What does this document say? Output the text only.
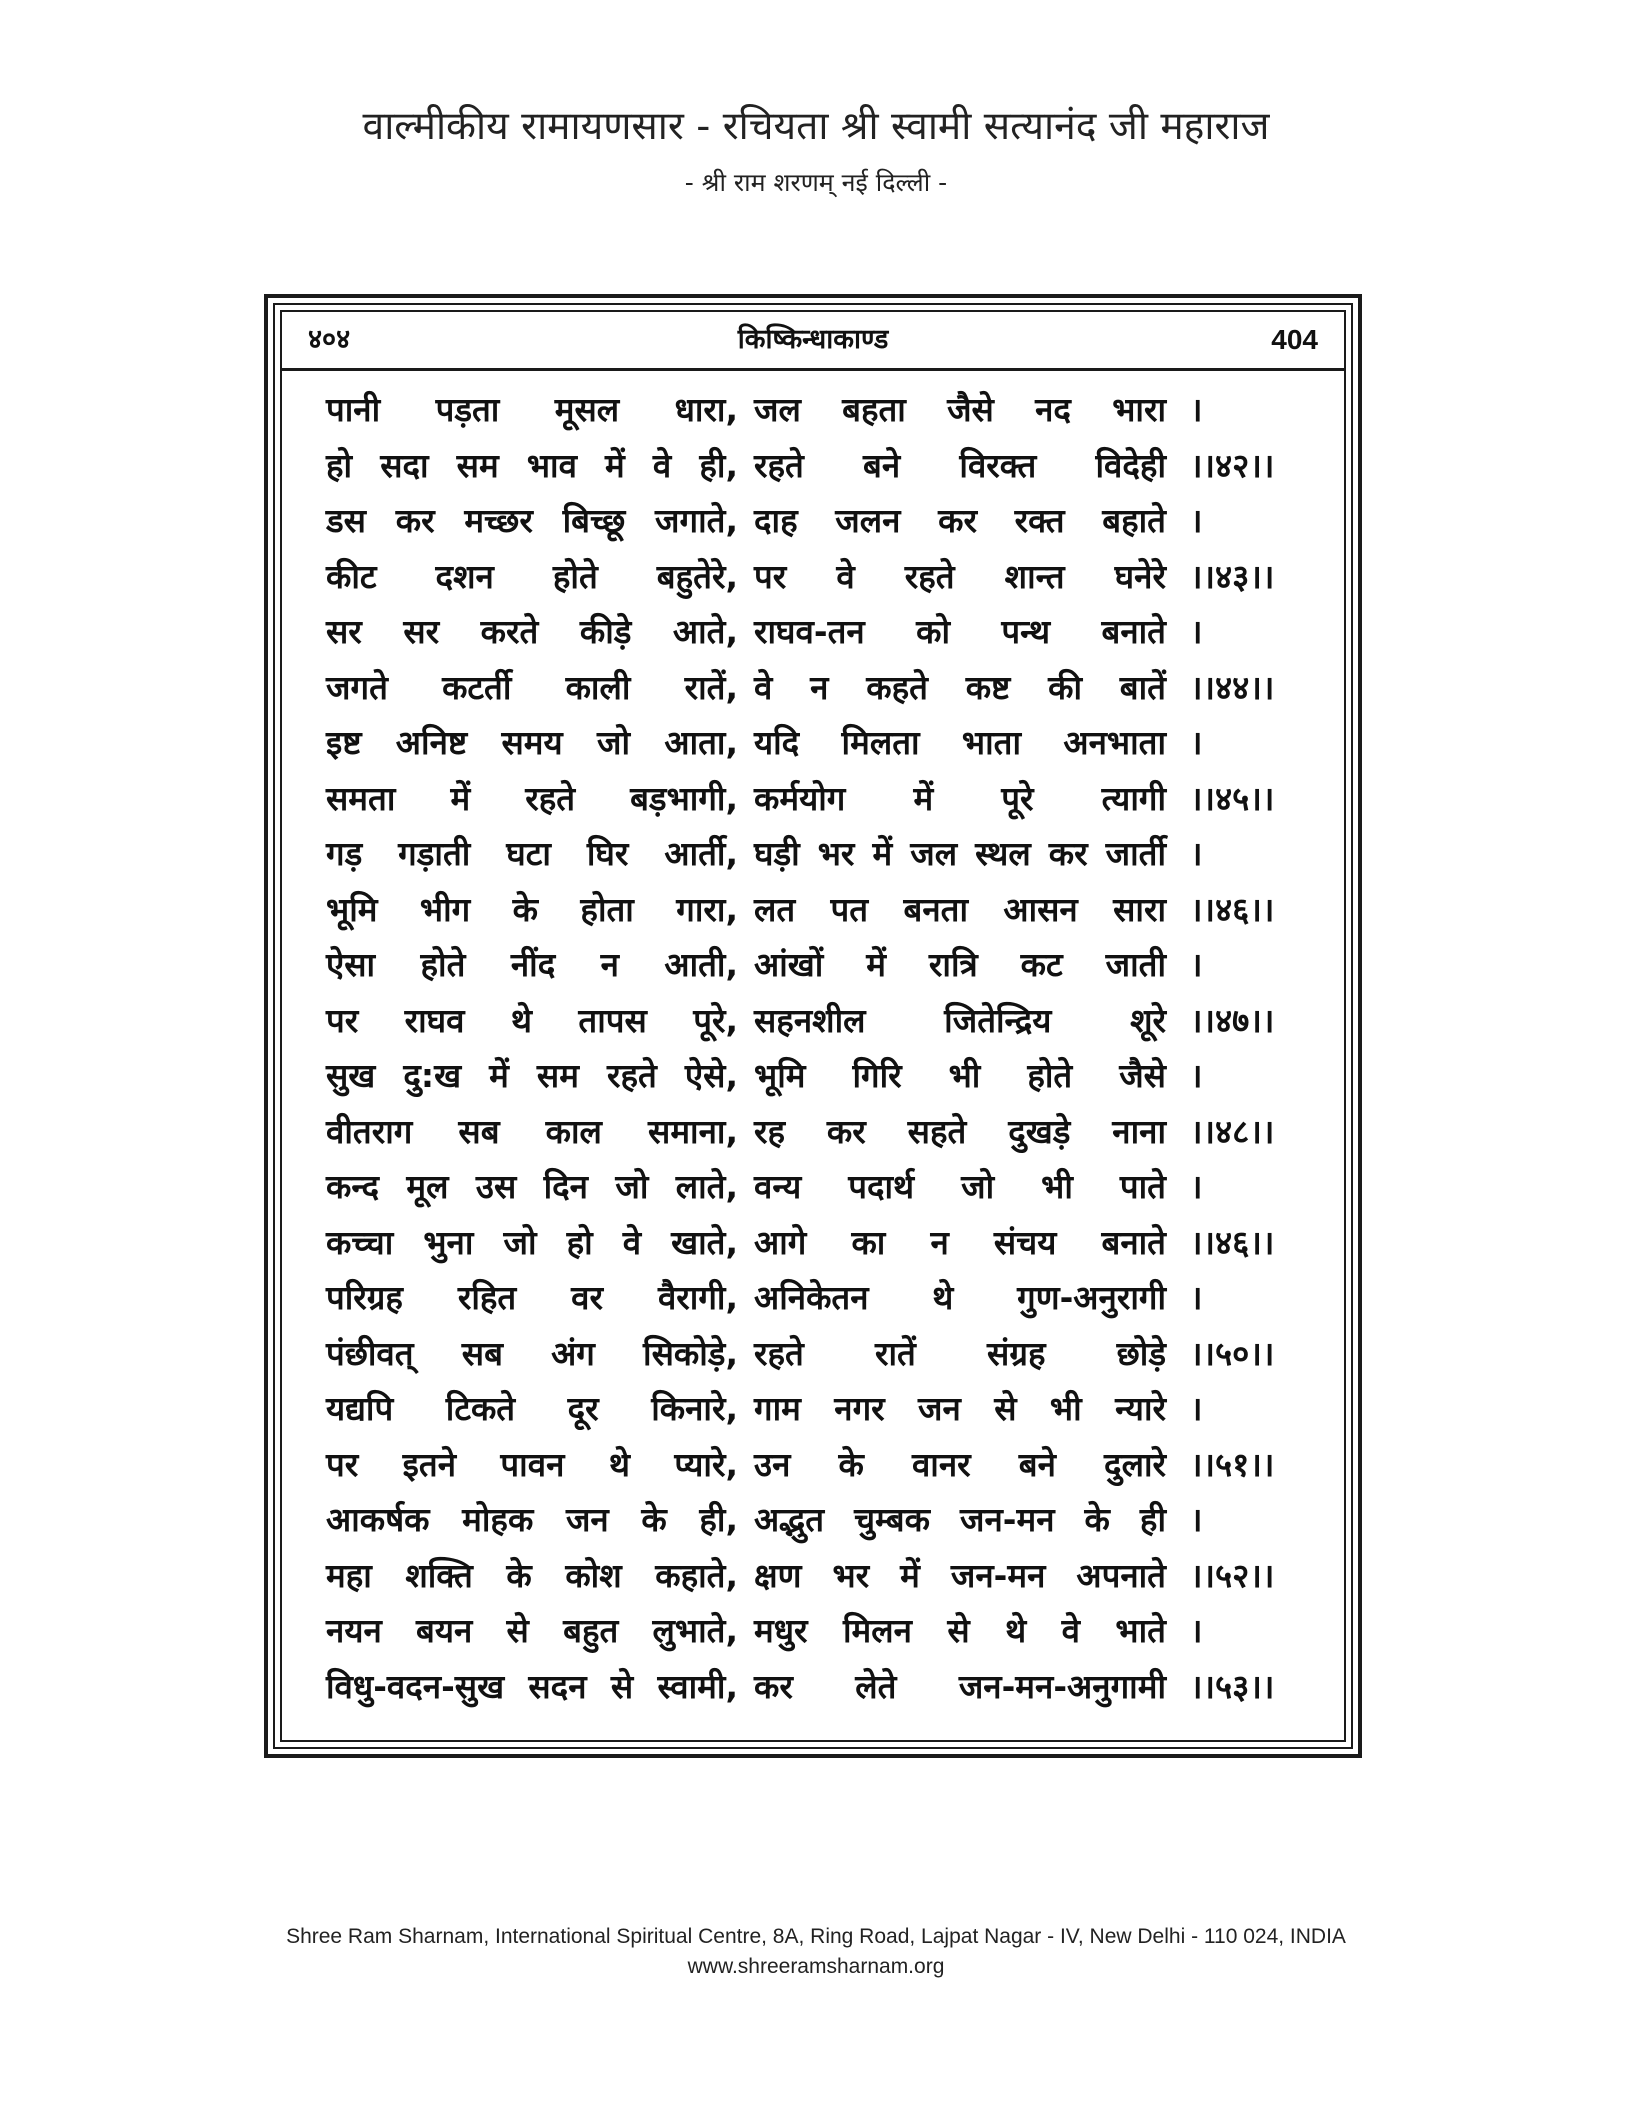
वाल्मीकीय रामायणसार - रचियता श्री स्वामी सत्यानंद जी महाराज
- श्री राम शरणम् नई दिल्ली -
किष्किन्धाकाण्ड
४०४	404
पानी पड़ता मूसल धारा, जल बहता जैसे नद भारा ।
हो सदा सम भाव में वे ही, रहते बने विरक्त विदेही ।।४२।।
डस कर मच्छर बिच्छू जगाते, दाह जलन कर रक्त बहाते ।
कीट दशन होते बहुतेरे, पर वे रहते शान्त घनेरे ।।४३।।
सर सर करते कीड़े आते, राघव-तन को पन्थ बनाते ।
जगते कटर्ती काली रातें, वे न कहते कष्ट की बातें ।।४४।।
इष्ट अनिष्ट समय जो आता, यदि मिलता भाता अनभाता ।
समता में रहते बड़भागी, कर्मयोग में पूरे त्यागी ।।४५।।
गड़ गड़ाती घटा घिर आर्ती, घड़ी भर में जल स्थल कर जार्ती ।
भूमि भीग के होता गारा, लत पत बनता आसन सारा ।।४६।।
ऐसा होते नींद न आती, आंखों में रात्रि कट जाती ।
पर राघव थे तापस पूरे, सहनशील जितेन्द्रिय शूरे ।।४७।।
सुख दु:ख में सम रहते ऐसे, भूमि गिरि भी होते जैसे ।
वीतराग सब काल समाना, रह कर सहते दुखड़े नाना ।।४८।।
कन्द मूल उस दिन जो लाते, वन्य पदार्थ जो भी पाते ।
कच्चा भुना जो हो वे खाते, आगे का न संचय बनाते ।।४६।।
परिग्रह रहित वर वैरागी, अनिकेतन थे गुण-अनुरागी ।
पंछीवत् सब अंग सिकोड़े, रहते रातें संग्रह छोड़े ।।५०।।
यद्यपि टिकते दूर किनारे, गाम नगर जन से भी न्यारे ।
पर इतने पावन थे प्यारे, उन के वानर बने दुलारे ।।५१।।
आकर्षक मोहक जन के ही, अद्भुत चुम्बक जन-मन के ही ।
महा शक्ति के कोश कहाते, क्षण भर में जन-मन अपनाते ।।५२।।
नयन बयन से बहुत लुभाते, मधुर मिलन से थे वे भाते ।
विधु-वदन-सुख सदन से स्वामी, कर लेते जन-मन-अनुगामी ।।५३।।
Shree Ram Sharnam, International Spiritual Centre, 8A, Ring Road, Lajpat Nagar - IV, New Delhi - 110 024, INDIA
www.shreeramsharnam.org
